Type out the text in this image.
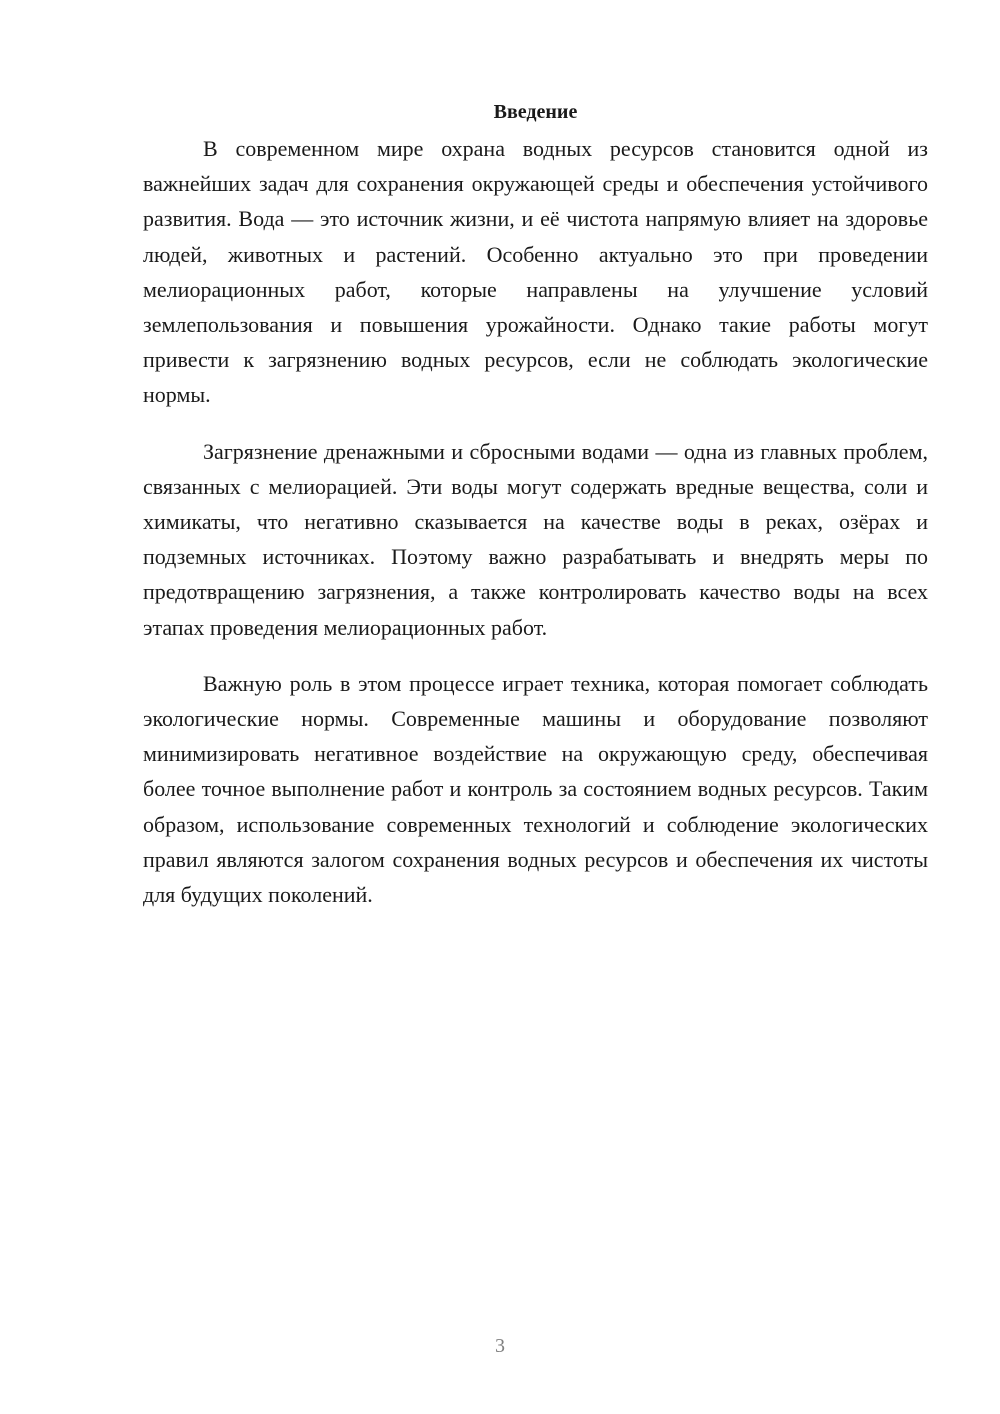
Введение

В современном мире охрана водных ресурсов становится одной из важнейших задач для сохранения окружающей среды и обеспечения устойчивого развития. Вода — это источник жизни, и её чистота напрямую влияет на здоровье людей, животных и растений. Особенно актуально это при проведении мелиорационных работ, которые направлены на улучшение условий землепользования и повышения урожайности. Однако такие работы могут привести к загрязнению водных ресурсов, если не соблюдать экологические нормы.

Загрязнение дренажными и сбросными водами — одна из главных проблем, связанных с мелиорацией. Эти воды могут содержать вредные вещества, соли и химикаты, что негативно сказывается на качестве воды в реках, озёрах и подземных источниках. Поэтому важно разрабатывать и внедрять меры по предотвращению загрязнения, а также контролировать качество воды на всех этапах проведения мелиорационных работ.

Важную роль в этом процессе играет техника, которая помогает соблюдать экологические нормы. Современные машины и оборудование позволяют минимизировать негативное воздействие на окружающую среду, обеспечивая более точное выполнение работ и контроль за состоянием водных ресурсов. Таким образом, использование современных технологий и соблюдение экологических правил являются залогом сохранения водных ресурсов и обеспечения их чистоты для будущих поколений.

3
